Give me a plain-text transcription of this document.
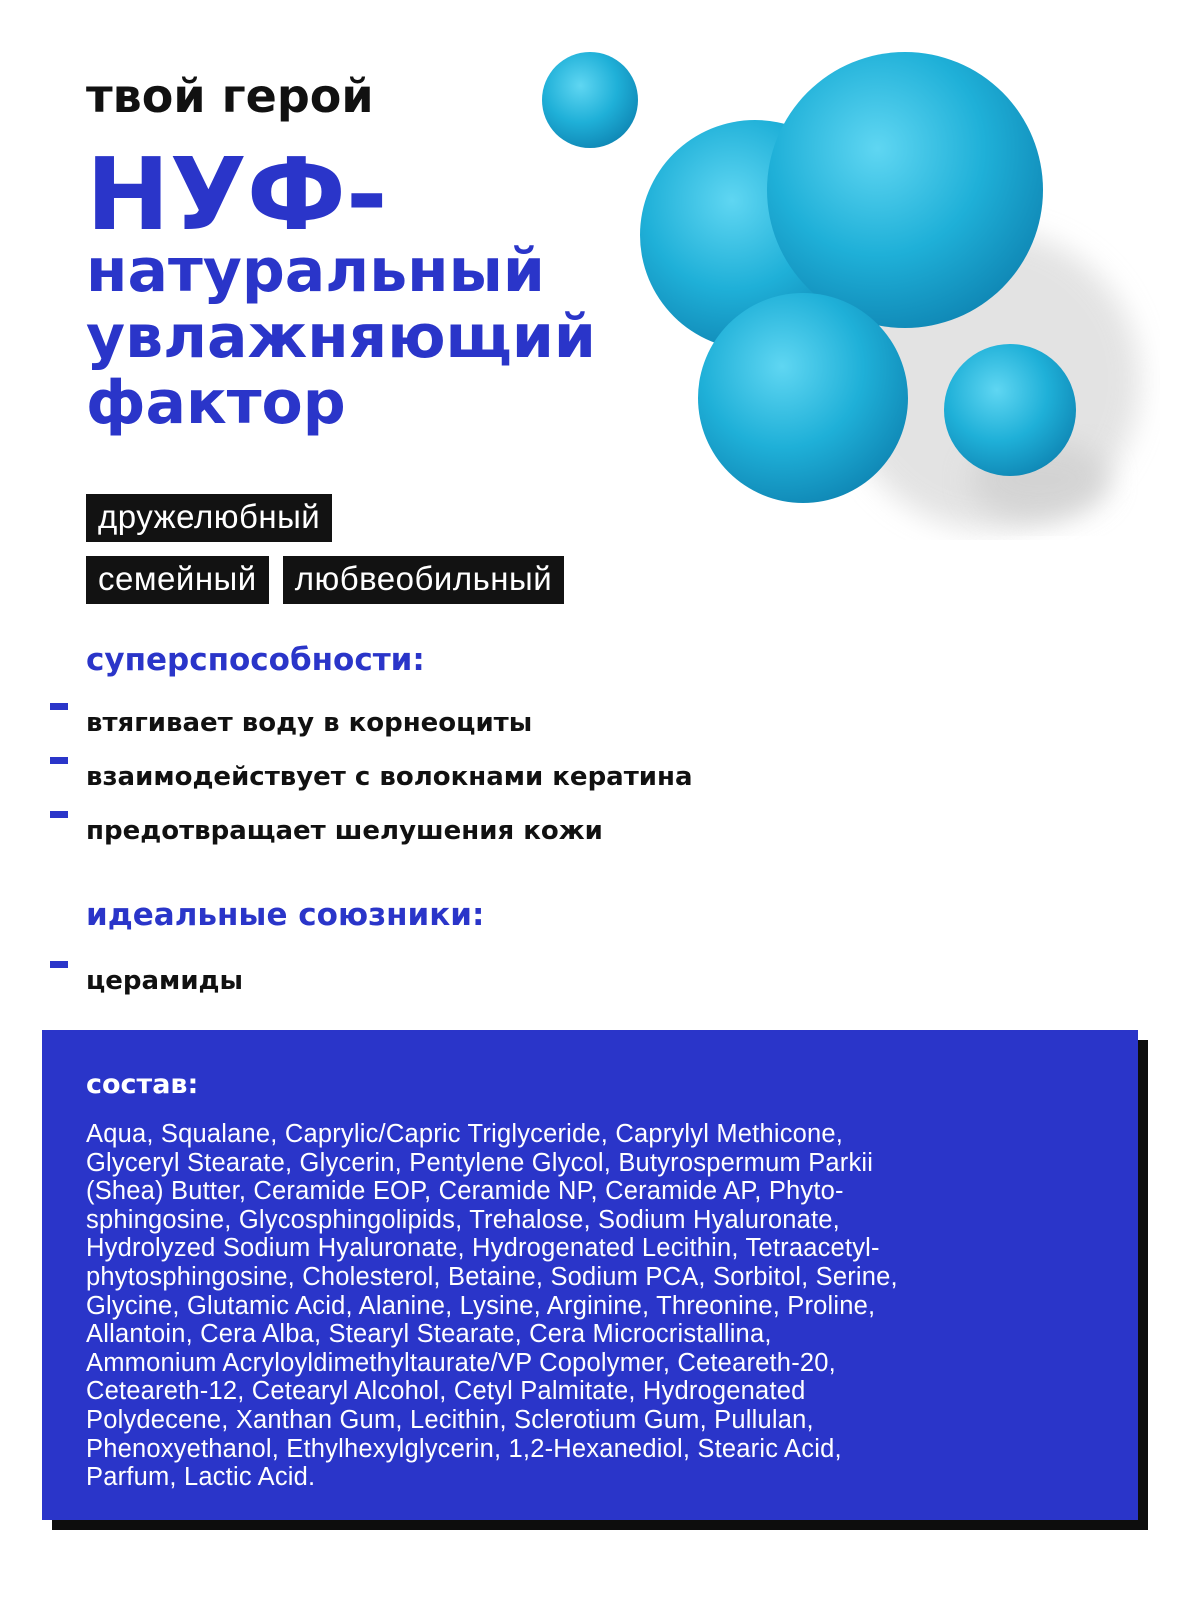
твой герой
НУФ-
натуральный
увлажняющий
фактор
дружелюбный
семейный	любвеобильный
суперспособности:
втягивает воду в корнеоциты
взаимодействует с волокнами кератина
предотвращает шелушения кожи
идеальные союзники:
церамиды
состав:
Aqua, Squalane, Caprylic/Capric Triglyceride, Caprylyl Methicone,
Glyceryl Stearate, Glycerin, Pentylene Glycol, Butyrospermum Parkii
(Shea) Butter, Ceramide EOP, Ceramide NP, Ceramide AP, Phyto-
sphingosine, Glycosphingolipids, Trehalose, Sodium Hyaluronate,
Hydrolyzed Sodium Hyaluronate, Hydrogenated Lecithin, Tetraacetyl-
phytosphingosine, Cholesterol, Betaine, Sodium PCA, Sorbitol, Serine,
Glycine, Glutamic Acid, Alanine, Lysine, Arginine, Threonine, Proline,
Allantoin, Cera Alba, Stearyl Stearate, Cera Microcristallina,
Ammonium Acryloyldimethyltaurate/VP Copolymer, Ceteareth-20,
Ceteareth-12, Cetearyl Alcohol, Cetyl Palmitate, Hydrogenated
Polydecene, Xanthan Gum, Lecithin, Sclerotium Gum, Pullulan,
Phenoxyethanol, Ethylhexylglycerin, 1,2-Hexanediol, Stearic Acid,
Parfum, Lactic Acid.
